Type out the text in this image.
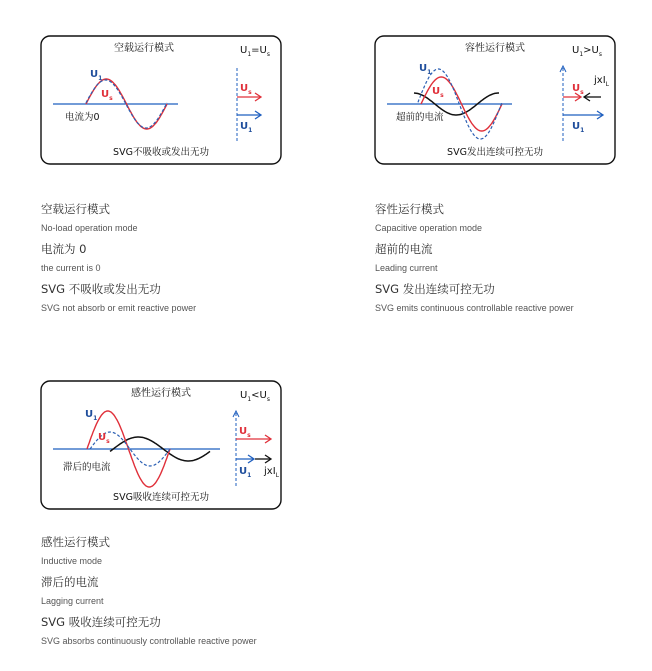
空载运行模式	$U_1=U_s$
$U_1$
$U_s$
电流为0
SVG不吸收或发出无功
$U_s$
$U_1$
容性运行模式	$U_1>U_s$
$U_1$
$U_s$
超前的电流
SVG发出连续可控无功
$U_s$
jxI$_L$
$U_1$
感性运行模式	$U_1<U_s$
$U_1$
$U_s$
滞后的电流
SVG吸收连续可控无功
$U_s$
$U_1$ jxI$_L$
空载运行模式
No-load operation mode
电流为 0
the current is 0
SVG 不吸收或发出无功
SVG not absorb or emit reactive power
容性运行模式
Capacitive operation mode
超前的电流
Leading current
SVG 发出连续可控无功
SVG emits continuous controllable reactive power
感性运行模式
Inductive mode
滞后的电流
Lagging current
SVG 吸收连续可控无功
SVG absorbs continuously controllable reactive power
